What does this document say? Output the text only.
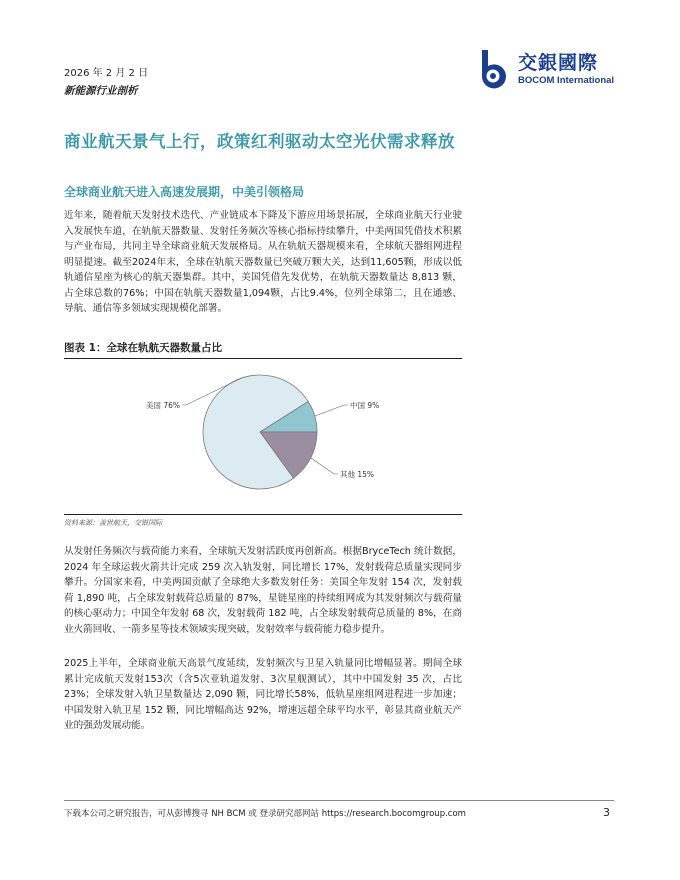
2026 年 2 月 2 日
新能源行业剖析
交銀國際
BOCOM International
商业航天景气上行，政策红利驱动太空光伏需求释放
全球商业航天进入高速发展期，中美引领格局
近年来，随着航天发射技术迭代、产业链成本下降及下游应用场景拓展，全球商业航天行业驶入发展快车道，在轨航天器数量、发射任务频次等核心指标持续攀升，中美两国凭借技术积累与产业布局，共同主导全球商业航天发展格局。从在轨航天器规模来看，全球航天器组网进程明显提速。截至2024年末，全球在轨航天器数量已突破万颗大关，达到11,605颗，形成以低轨通信星座为核心的航天器集群。其中，美国凭借先发优势，在轨航天器数量达 8,813 颗，占全球总数的76%；中国在轨航天器数量1,094颗，占比9.4%，位列全球第二，且在通感、导航、通信等多领域实现规模化部署。
图表 1：全球在轨航天器数量占比
中国 9%
其他 15%
美国 76%
资料来源：盖世航天，交银国际
从发射任务频次与载荷能力来看，全球航天发射活跃度再创新高。根据BryceTech 统计数据，2024 年全球运载火箭共计完成 259 次入轨发射，同比增长 17%，发射载荷总质量实现同步攀升。分国家来看，中美两国贡献了全球绝大多数发射任务：美国全年发射 154 次，发射载荷 1,890 吨，占全球发射载荷总质量的 87%，星链星座的持续组网成为其发射频次与载荷量的核心驱动力；中国全年发射 68 次，发射载荷 182 吨，占全球发射载荷总质量的 8%，在商业火箭回收、一箭多星等技术领域实现突破，发射效率与载荷能力稳步提升。
2025上半年，全球商业航天高景气度延续，发射频次与卫星入轨量同比增幅显著。期间全球累计完成航天发射153次（含5次亚轨道发射、3次星舰测试），其中中国发射 35 次，占比 23%；全球发射入轨卫星数量达 2,090 颗，同比增长58%，低轨星座组网进程进一步加速；中国发射入轨卫星 152 颗，同比增幅高达 92%，增速远超全球平均水平，彰显其商业航天产业的强劲发展动能。
下载本公司之研究报告，可从彭博搜寻 NH BCM 或 登录研究部网站 https://research.bocomgroup.com	3
